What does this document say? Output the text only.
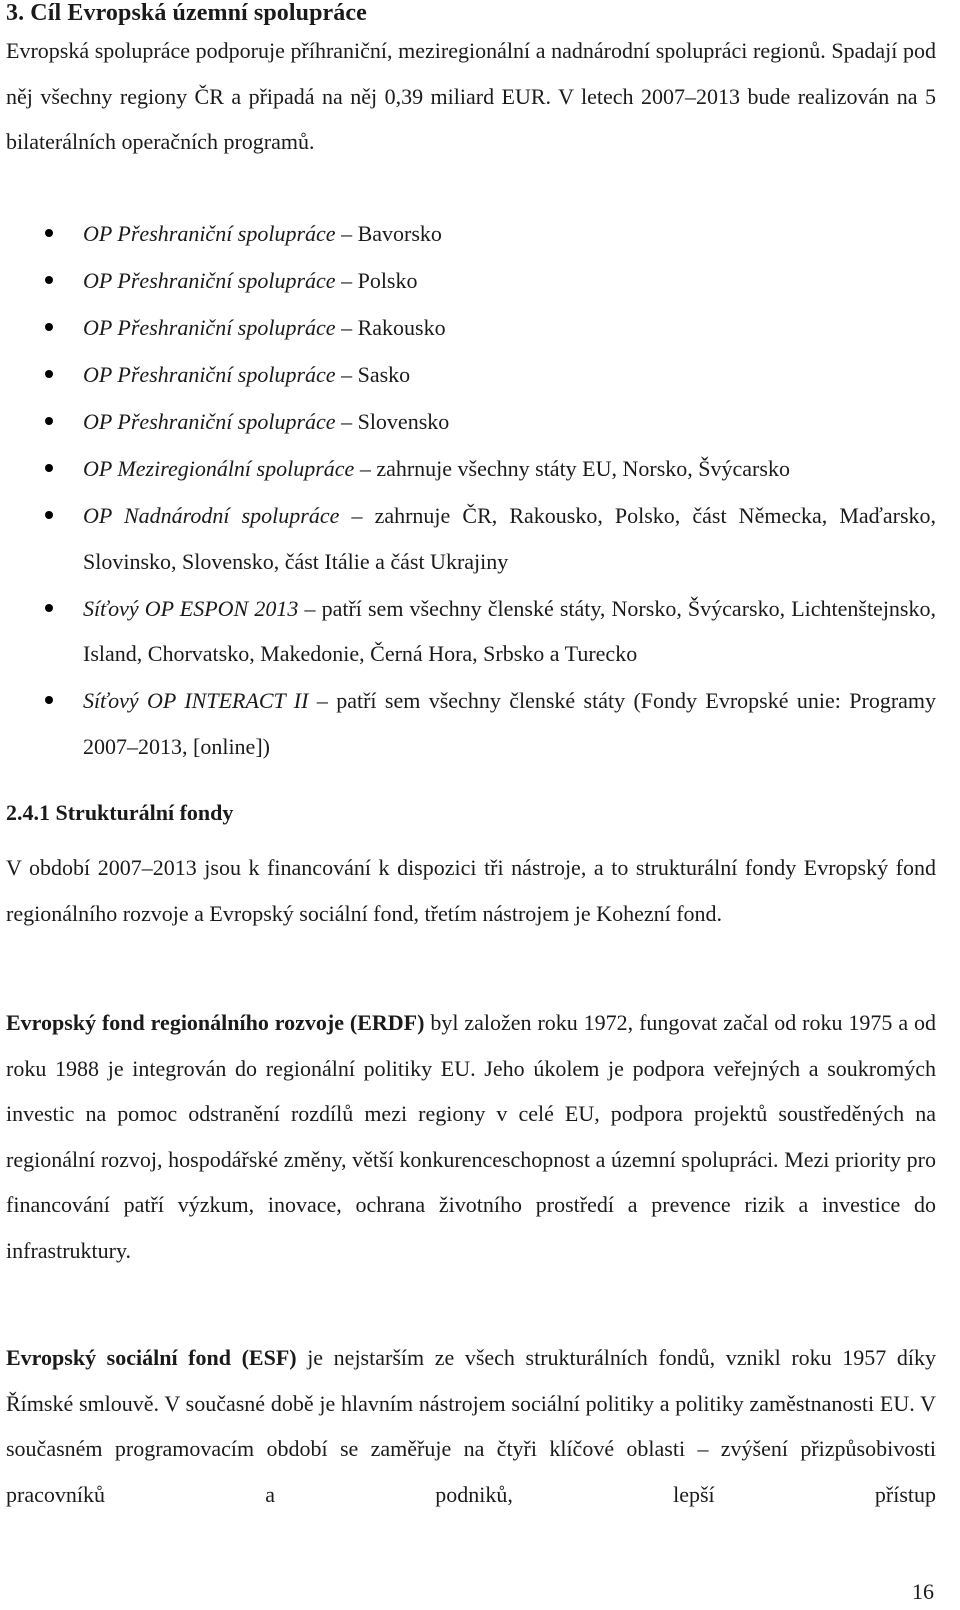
3. Cíl Evropská územní spolupráce

Evropská spolupráce podporuje příhraniční, meziregionální a nadnárodní spolupráci regionů. Spadají pod něj všechny regiony ČR a připadá na něj 0,39 miliard EUR. V letech 2007–2013 bude realizován na 5 bilaterálních operačních programů.

OP Přeshraniční spolupráce – Bavorsko
OP Přeshraniční spolupráce – Polsko
OP Přeshraniční spolupráce – Rakousko
OP Přeshraniční spolupráce – Sasko
OP Přeshraniční spolupráce – Slovensko
OP Meziregionální spolupráce – zahrnuje všechny státy EU, Norsko, Švýcarsko
OP Nadnárodní spolupráce – zahrnuje ČR, Rakousko, Polsko, část Německa, Maďarsko, Slovinsko, Slovensko, část Itálie a část Ukrajiny
Síťový OP ESPON 2013 – patří sem všechny členské státy, Norsko, Švýcarsko, Lichtenštejnsko, Island, Chorvatsko, Makedonie, Černá Hora, Srbsko a Turecko
Síťový OP INTERACT II – patří sem všechny členské státy (Fondy Evropské unie: Programy 2007–2013, [online])
2.4.1 Strukturální fondy

V období 2007–2013 jsou k financování k dispozici tři nástroje, a to strukturální fondy Evropský fond regionálního rozvoje a Evropský sociální fond, třetím nástrojem je Kohezní fond.

Evropský fond regionálního rozvoje (ERDF) byl založen roku 1972, fungovat začal od roku 1975 a od roku 1988 je integrován do regionální politiky EU. Jeho úkolem je podpora veřejných a soukromých investic na pomoc odstranění rozdílů mezi regiony v celé EU, podpora projektů soustředěných na regionální rozvoj, hospodářské změny, větší konkurenceschopnost a územní spolupráci. Mezi priority pro financování patří výzkum, inovace, ochrana životního prostředí a prevence rizik a investice do infrastruktury.

Evropský sociální fond (ESF) je nejstarším ze všech strukturálních fondů, vznikl roku 1957 díky Římské smlouvě. V současné době je hlavním nástrojem sociální politiky a politiky zaměstnanosti EU. V současném programovacím období se zaměřuje na čtyři klíčové oblasti – zvýšení přizpůsobivosti pracovníků a podniků, lepší přístup

16
